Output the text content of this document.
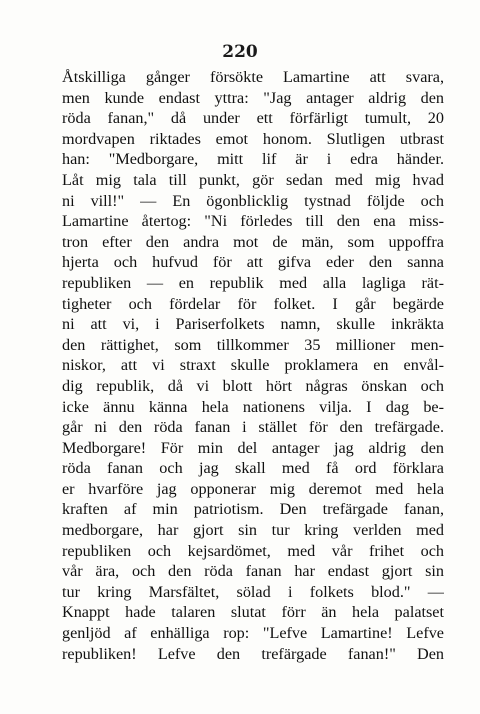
220
Åtskilliga gånger försökte Lamartine att svara,
men kunde endast yttra: "Jag antager aldrig den
röda fanan," då under ett förfärligt tumult, 20
mordvapen riktades emot honom. Slutligen utbrast
han: "Medborgare, mitt lif är i edra händer.
Låt mig tala till punkt, gör sedan med mig hvad
ni vill!" — En ögonblicklig tystnad följde och
Lamartine återtog: "Ni förledes till den ena miss-
tron efter den andra mot de män, som uppoffra
hjerta och hufvud för att gifva eder den sanna
republiken — en republik med alla lagliga rät-
tigheter och fördelar för folket. I går begärde
ni att vi, i Pariserfolkets namn, skulle inkräkta
den rättighet, som tillkommer 35 millioner men-
niskor, att vi straxt skulle proklamera en envål-
dig republik, då vi blott hört någras önskan och
icke ännu känna hela nationens vilja. I dag be-
går ni den röda fanan i stället för den trefärgade.
Medborgare! För min del antager jag aldrig den
röda fanan och jag skall med få ord förklara
er hvarföre jag opponerar mig deremot med hela
kraften af min patriotism. Den trefärgade fanan,
medborgare, har gjort sin tur kring verlden med
republiken och kejsardömet, med vår frihet och
vår ära, och den röda fanan har endast gjort sin
tur kring Marsfältet, sölad i folkets blod." —
Knappt hade talaren slutat förr än hela palatset
genljöd af enhälliga rop: "Lefve Lamartine! Lefve
republiken! Lefve den trefärgade fanan!" Den
